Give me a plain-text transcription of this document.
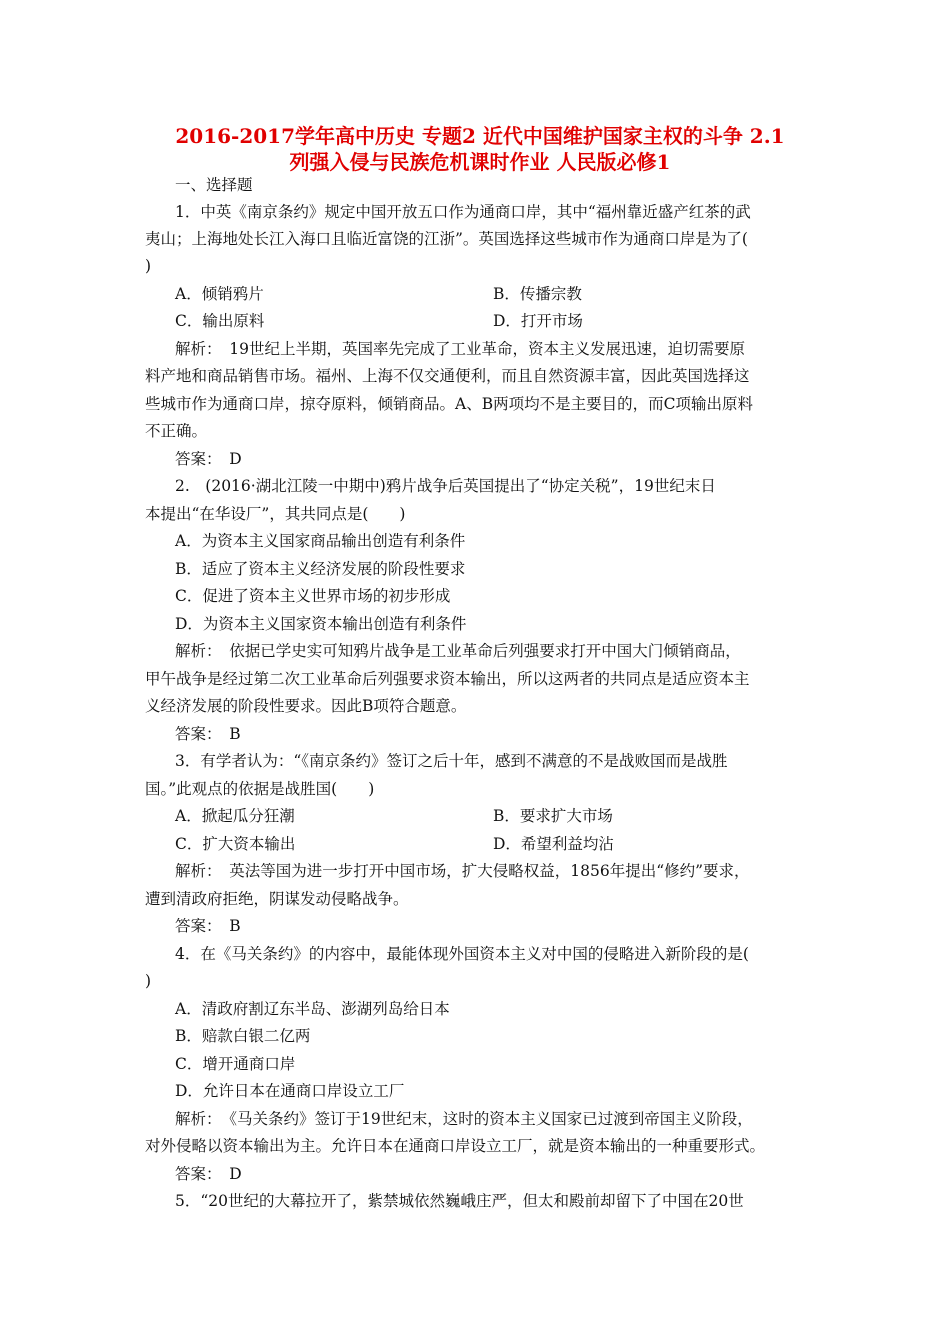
2016-2017学年高中历史 专题2 近代中国维护国家主权的斗争 2.1
列强入侵与民族危机课时作业 人民版必修1
一、选择题
1．中英《南京条约》规定中国开放五口作为通商口岸，其中“福州靠近盛产红茶的武
夷山；上海地处长江入海口且临近富饶的江浙”。英国选择这些城市作为通商口岸是为了(
)
A．倾销鸦片	B．传播宗教
C．输出原料	D．打开市场
解析：　19世纪上半期，英国率先完成了工业革命，资本主义发展迅速，迫切需要原
料产地和商品销售市场。福州、上海不仅交通便利，而且自然资源丰富，因此英国选择这
些城市作为通商口岸，掠夺原料，倾销商品。A、B两项均不是主要目的，而C项输出原料
不正确。
答案：　D
2.　(2016·湖北江陵一中期中)鸦片战争后英国提出了“协定关税”，19世纪末日
本提出“在华设厂”，其共同点是(　　)
A．为资本主义国家商品输出创造有利条件
B．适应了资本主义经济发展的阶段性要求
C．促进了资本主义世界市场的初步形成
D．为资本主义国家资本输出创造有利条件
解析：　依据已学史实可知鸦片战争是工业革命后列强要求打开中国大门倾销商品，
甲午战争是经过第二次工业革命后列强要求资本输出，所以这两者的共同点是适应资本主
义经济发展的阶段性要求。因此B项符合题意。
答案：　B
3．有学者认为：“《南京条约》签订之后十年，感到不满意的不是战败国而是战胜
国。”此观点的依据是战胜国(　　)
A．掀起瓜分狂潮	B．要求扩大市场
C．扩大资本输出	D．希望利益均沾
解析：　英法等国为进一步打开中国市场，扩大侵略权益，1856年提出“修约”要求，
遭到清政府拒绝，阴谋发动侵略战争。
答案：　B
4．在《马关条约》的内容中，最能体现外国资本主义对中国的侵略进入新阶段的是(
)
A．清政府割辽东半岛、澎湖列岛给日本
B．赔款白银二亿两
C．增开通商口岸
D．允许日本在通商口岸设立工厂
解析：　《马关条约》签订于19世纪末，这时的资本主义国家已过渡到帝国主义阶段，
对外侵略以资本输出为主。允许日本在通商口岸设立工厂，就是资本输出的一种重要形式。
答案：　D
5．“20世纪的大幕拉开了，紫禁城依然巍峨庄严，但太和殿前却留下了中国在20世
